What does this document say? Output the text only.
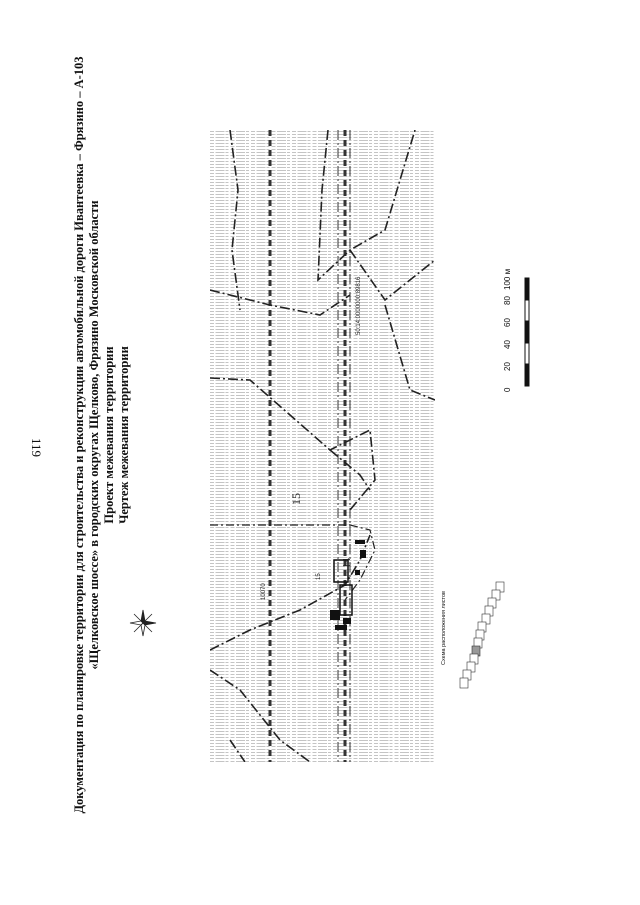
119 Документация по планировке территории для строительства и реконструкции автомобильной дороги Ивантеевка – Фрязино – А-103 «Щелковское шоссе» в городских округах Щелково, Фрязино Московской области Проект межевания территории Чертеж межевания территории	15
14
50:14:0000000:89816
10070
15
020406080100 м
Схема расположения листов
